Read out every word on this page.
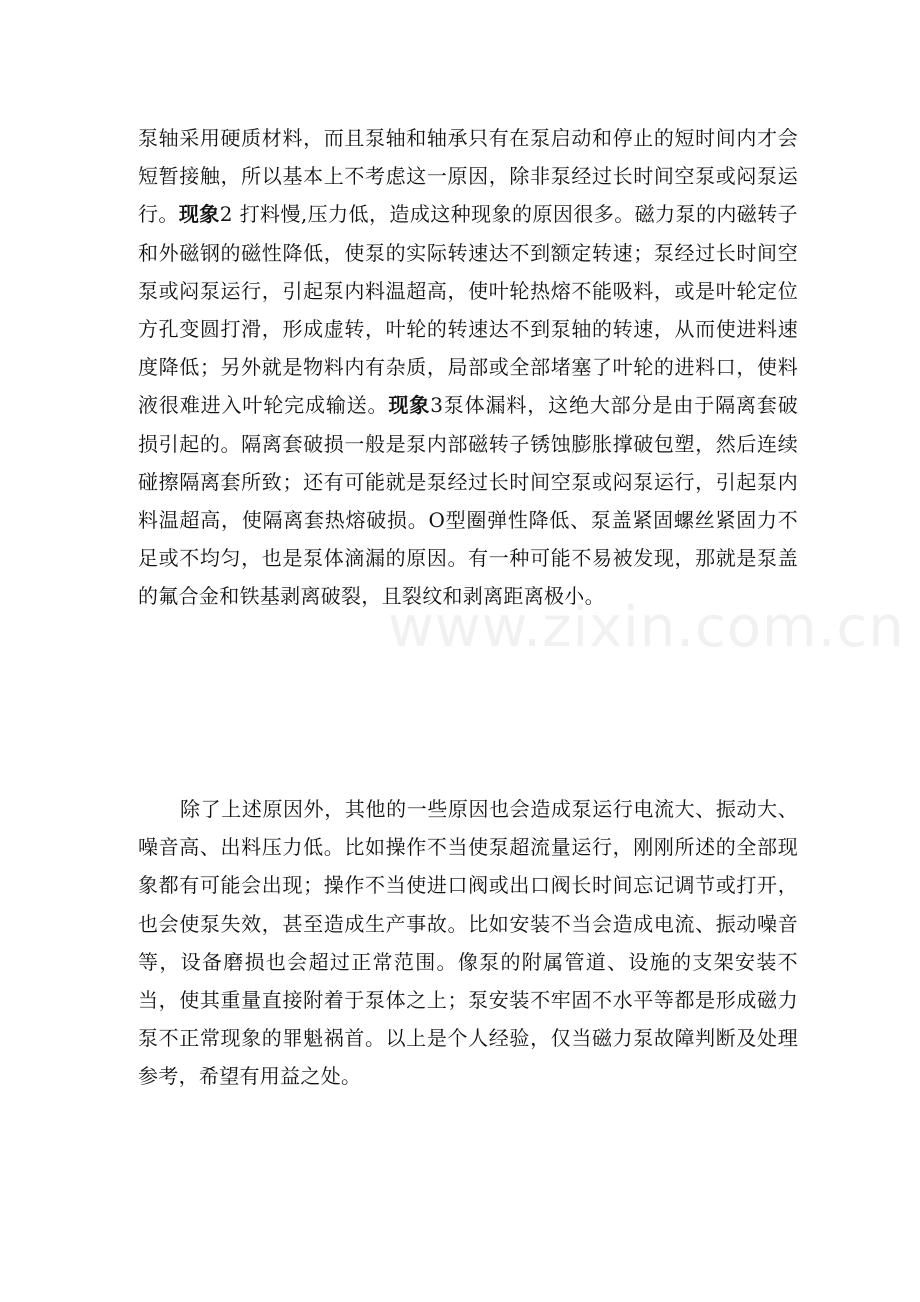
www.zixin.com.cn

泵轴采用硬质材料，而且泵轴和轴承只有在泵启动和停止的短时间内才会短暂接触，所以基本上不考虑这一原因，除非泵经过长时间空泵或闷泵运行。现象2 打料慢,压力低，造成这种现象的原因很多。磁力泵的内磁转子和外磁钢的磁性降低，使泵的实际转速达不到额定转速；泵经过长时间空泵或闷泵运行，引起泵内料温超高，使叶轮热熔不能吸料，或是叶轮定位方孔变圆打滑，形成虚转，叶轮的转速达不到泵轴的转速，从而使进料速度降低；另外就是物料内有杂质，局部或全部堵塞了叶轮的进料口，使料液很难进入叶轮完成输送。现象3泵体漏料，这绝大部分是由于隔离套破损引起的。隔离套破损一般是泵内部磁转子锈蚀膨胀撑破包塑，然后连续碰擦隔离套所致；还有可能就是泵经过长时间空泵或闷泵运行，引起泵内料温超高，使隔离套热熔破损。O型圈弹性降低、泵盖紧固螺丝紧固力不足或不均匀，也是泵体滴漏的原因。有一种可能不易被发现，那就是泵盖的氟合金和铁基剥离破裂，且裂纹和剥离距离极小。

除了上述原因外，其他的一些原因也会造成泵运行电流大、振动大、噪音高、出料压力低。比如操作不当使泵超流量运行，刚刚所述的全部现象都有可能会出现；操作不当使进口阀或出口阀长时间忘记调节或打开，也会使泵失效，甚至造成生产事故。比如安装不当会造成电流、振动噪音等，设备磨损也会超过正常范围。像泵的附属管道、设施的支架安装不当，使其重量直接附着于泵体之上；泵安装不牢固不水平等都是形成磁力泵不正常现象的罪魁祸首。以上是个人经验，仅当磁力泵故障判断及处理参考，希望有用益之处。
